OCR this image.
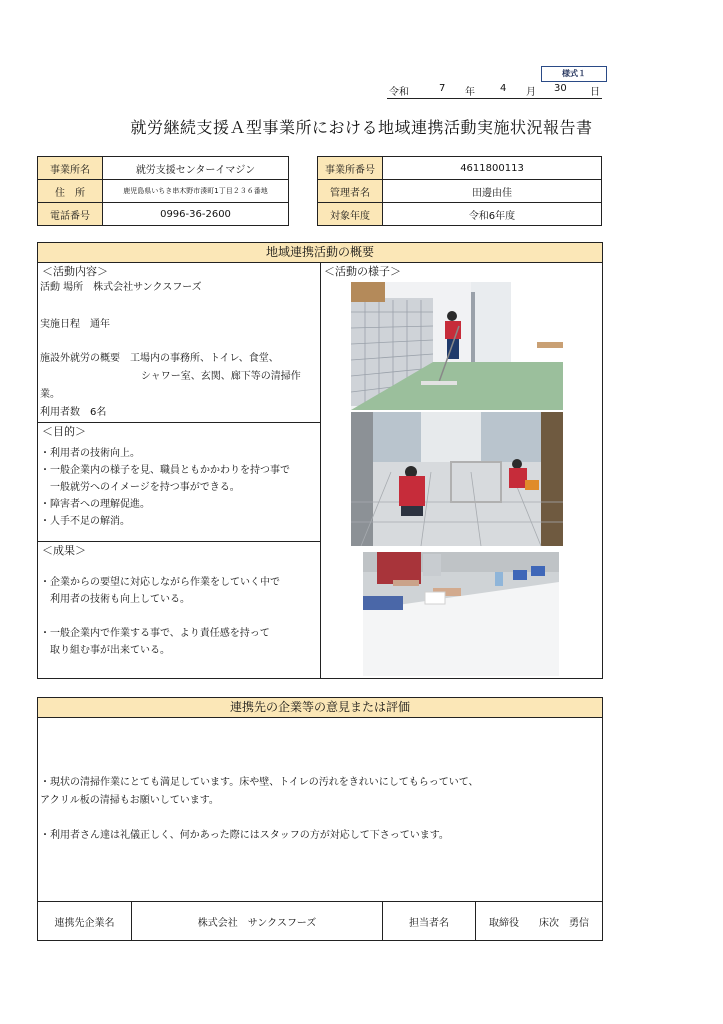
様式１
令和	7 年	4 月 30 日
就労継続支援Ａ型事業所における地域連携活動実施状況報告書
事業所名	就労支援センターイマジン
住　所	鹿児島県いちき串木野市湊町1丁目２３６番地
電話番号	0996-36-2600
事業所番号	4611800113
管理者名	田邊由佳
対象年度	令和6年度
地域連携活動の概要
＜活動内容＞
活動 場所　株式会社サンクスフーズ
実施日程　通年
施設外就労の概要　工場内の事務所、トイレ、食堂、
シャワー室、玄関、廊下等の清掃作
業。
利用者数　6名
＜目的＞
・利用者の技術向上。
・一般企業内の様子を見、職員ともかかわりを持つ事で
　一般就労へのイメージを持つ事ができる。
・障害者への理解促進。
・人手不足の解消。
＜成果＞
・企業からの要望に対応しながら作業をしていく中で
　利用者の技術も向上している。
・一般企業内で作業する事で、より責任感を持って
　取り組む事が出来ている。
＜活動の様子＞
連携先の企業等の意見または評価
・現状の清掃作業にとても満足しています。床や壁、トイレの汚れをきれいにしてもらっていて、
アクリル板の清掃もお願いしています。
・利用者さん達は礼儀正しく、何かあった際にはスタッフの方が対応して下さっています。
連携先企業名	株式会社　サンクスフーズ	担当者名	取締役　　床次　勇信
